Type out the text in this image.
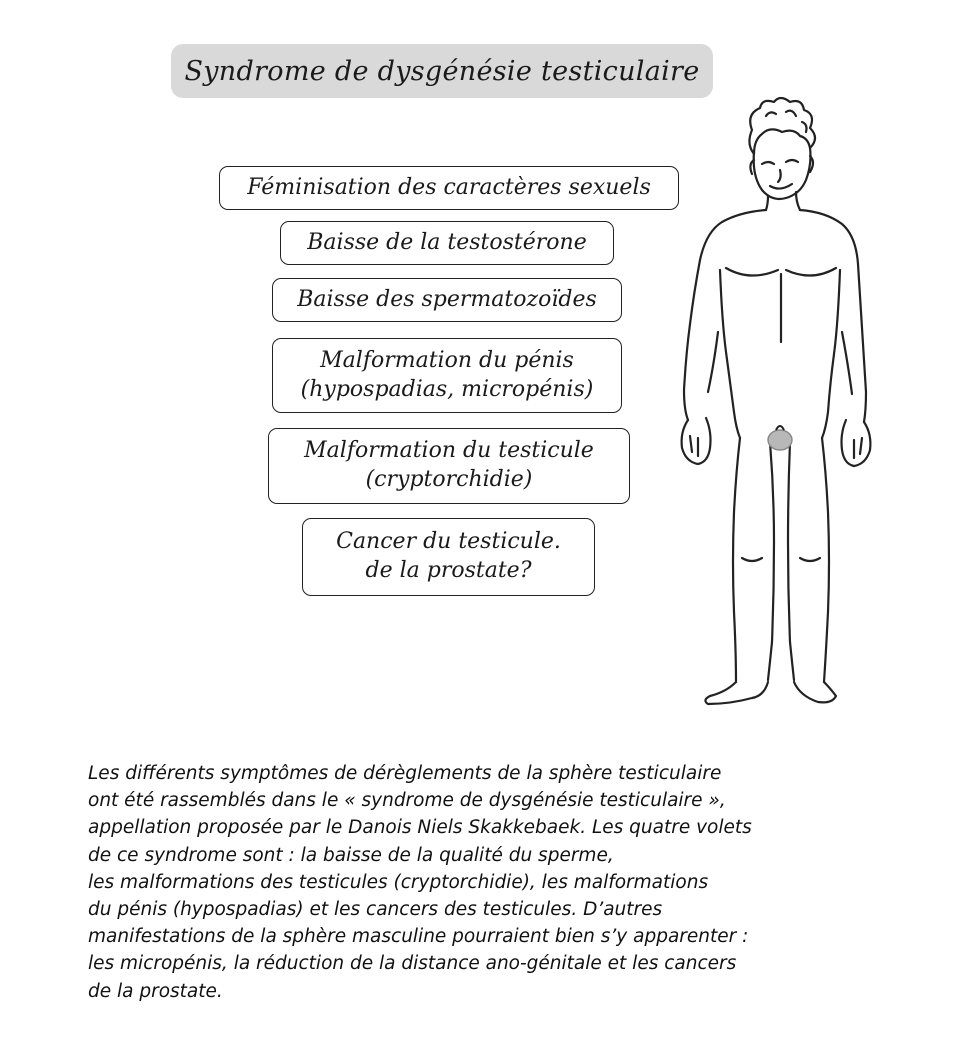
Syndrome de dysgénésie testiculaire
Féminisation des caractères sexuels
Baisse de la testostérone
Baisse des spermatozoïdes
Malformation du pénis
(hypospadias, micropénis)
Malformation du testicule
(cryptorchidie)
Cancer du testicule.
de la prostate?
Les différents symptômes de dérèglements de la sphère testiculaire
ont été rassemblés dans le « syndrome de dysgénésie testiculaire »,
appellation proposée par le Danois Niels Skakkebaek. Les quatre volets
de ce syndrome sont : la baisse de la qualité du sperme,
les malformations des testicules (cryptorchidie), les malformations
du pénis (hypospadias) et les cancers des testicules. D’autres
manifestations de la sphère masculine pourraient bien s’y apparenter :
les micropénis, la réduction de la distance ano-génitale et les cancers
de la prostate.
